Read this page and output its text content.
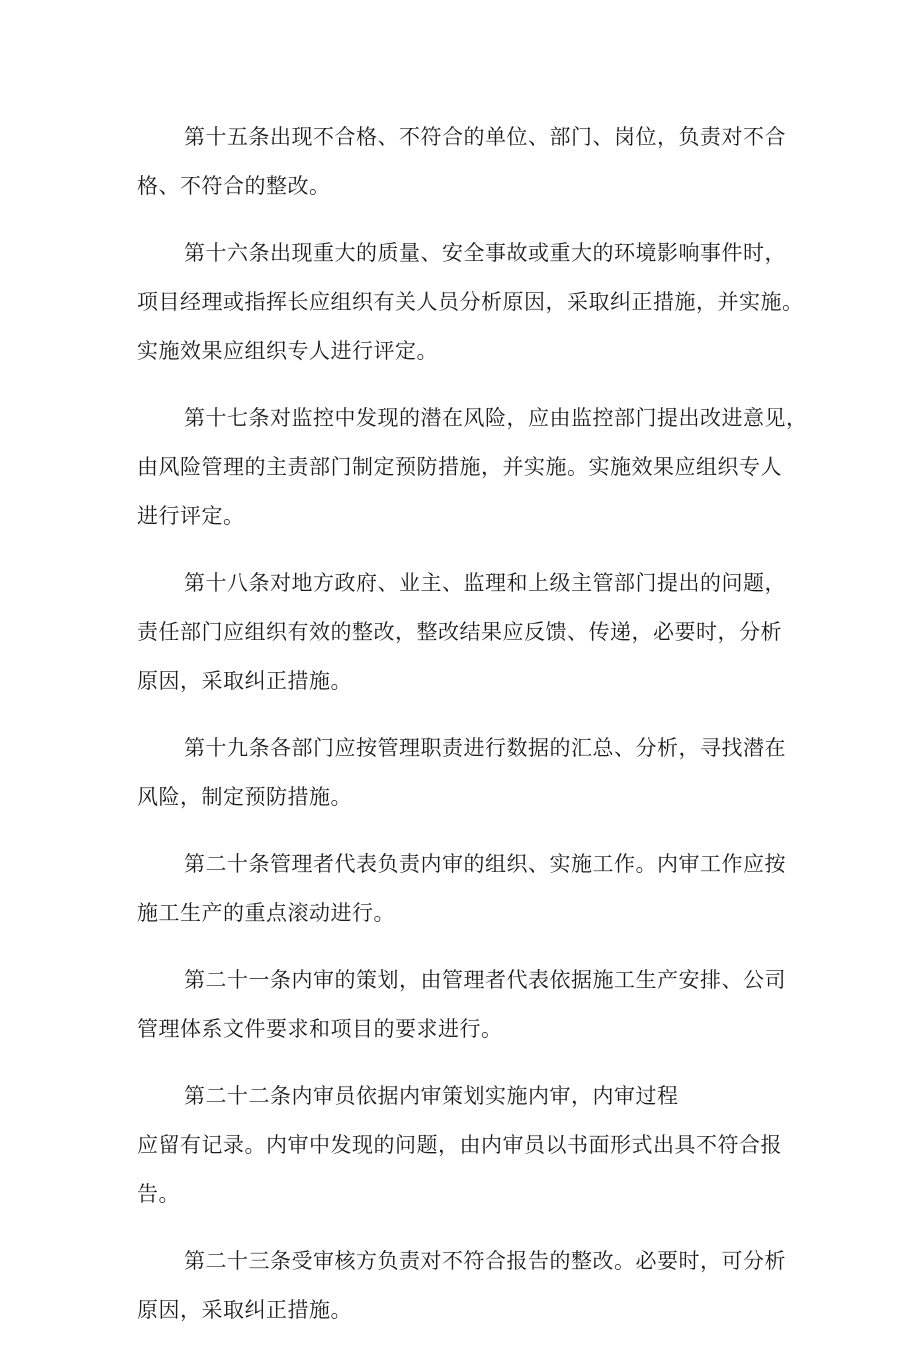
第十五条出现不合格、不符合的单位、部门、岗位，负责对不合
格、不符合的整改。
第十六条出现重大的质量、安全事故或重大的环境影响事件时，
项目经理或指挥长应组织有关人员分析原因，采取纠正措施，并实施。
实施效果应组织专人进行评定。
第十七条对监控中发现的潜在风险，应由监控部门提出改进意见，
由风险管理的主责部门制定预防措施，并实施。实施效果应组织专人
进行评定。
第十八条对地方政府、业主、监理和上级主管部门提出的问题，
责任部门应组织有效的整改，整改结果应反馈、传递，必要时，分析
原因，采取纠正措施。
第十九条各部门应按管理职责进行数据的汇总、分析，寻找潜在
风险，制定预防措施。
第二十条管理者代表负责内审的组织、实施工作。内审工作应按
施工生产的重点滚动进行。
第二十一条内审的策划，由管理者代表依据施工生产安排、公司
管理体系文件要求和项目的要求进行。
第二十二条内审员依据内审策划实施内审，内审过程
应留有记录。内审中发现的问题，由内审员以书面形式出具不符合报
告。
第二十三条受审核方负责对不符合报告的整改。必要时，可分析
原因，采取纠正措施。
